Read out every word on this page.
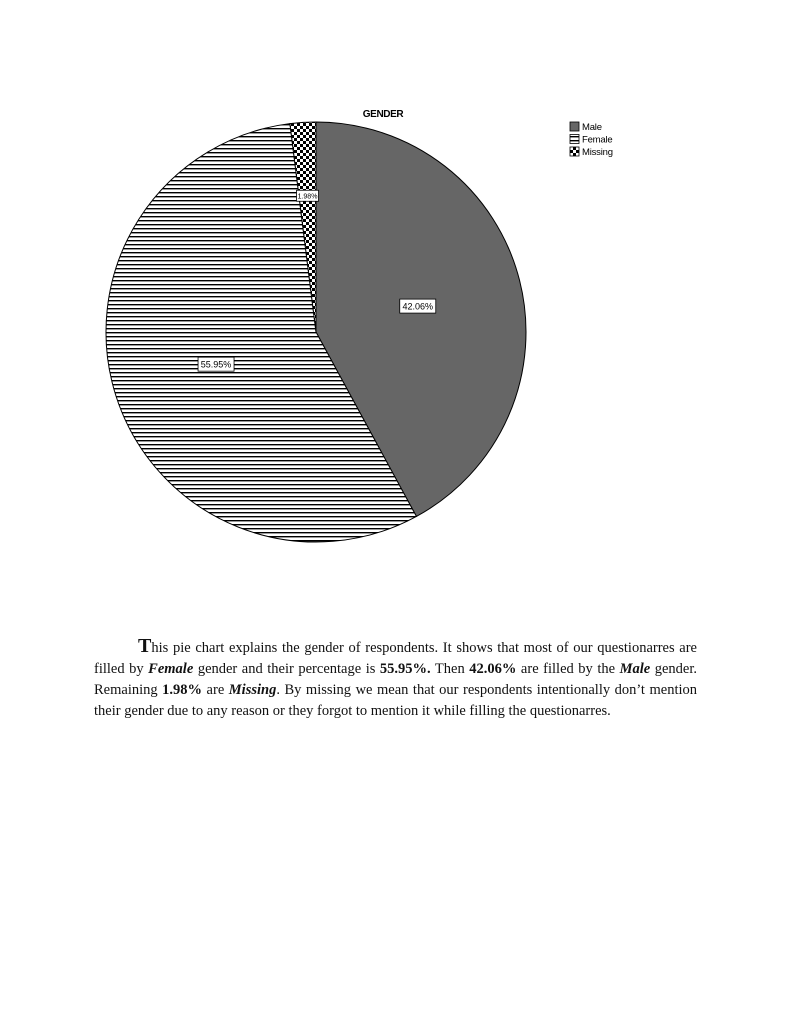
GENDER
42.06%
55.95%
1.98%
Male
Female
Missing

This pie chart explains the gender of respondents. It shows that most of our questionarres are filled by Female gender and their percentage is 55.95%. Then 42.06% are filled by the Male gender. Remaining 1.98% are Missing. By missing we mean that our respondents intentionally don’t mention their gender due to any reason or they forgot to mention it while filling the questionarres.
